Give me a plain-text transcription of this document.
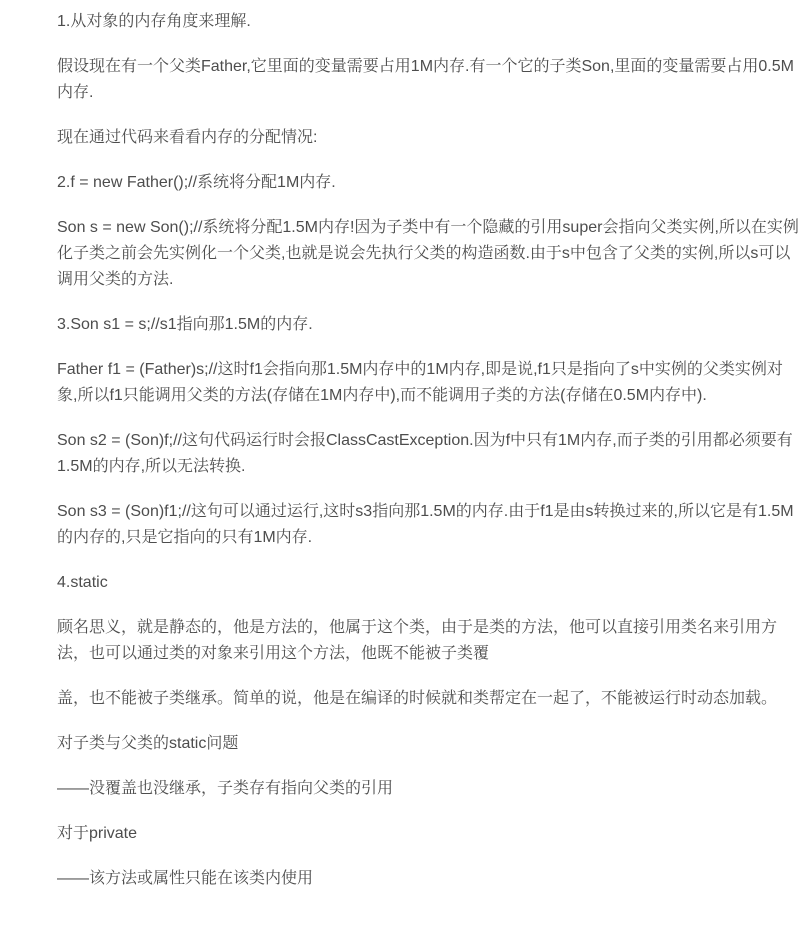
1.从对象的内存角度来理解.

假设现在有一个父类Father,它里面的变量需要占用1M内存.有一个它的子类Son,里面的变量需要占用0.5M内存.

现在通过代码来看看内存的分配情况:

2.f = new Father();//系统将分配1M内存.

Son s = new Son();//系统将分配1.5M内存!因为子类中有一个隐藏的引用super会指向父类实例,所以在实例化子类之前会先实例化一个父类,也就是说会先执行父类的构造函数.由于s中包含了父类的实例,所以s可以调用父类的方法.

3.Son s1 = s;//s1指向那1.5M的内存.

Father f1 = (Father)s;//这时f1会指向那1.5M内存中的1M内存,即是说,f1只是指向了s中实例的父类实例对象,所以f1只能调用父类的方法(存储在1M内存中),而不能调用子类的方法(存储在0.5M内存中).

Son s2 = (Son)f;//这句代码运行时会报ClassCastException.因为f中只有1M内存,而子类的引用都必须要有1.5M的内存,所以无法转换.

Son s3 = (Son)f1;//这句可以通过运行,这时s3指向那1.5M的内存.由于f1是由s转换过来的,所以它是有1.5M的内存的,只是它指向的只有1M内存.

4.static

顾名思义，就是静态的，他是方法的，他属于这个类，由于是类的方法，他可以直接引用类名来引用方法，也可以通过类的对象来引用这个方法，他既不能被子类覆

盖，也不能被子类继承。简单的说，他是在编译的时候就和类帮定在一起了，不能被运行时动态加载。

对子类与父类的static问题

——没覆盖也没继承，子类存有指向父类的引用

对于private

——该方法或属性只能在该类内使用
